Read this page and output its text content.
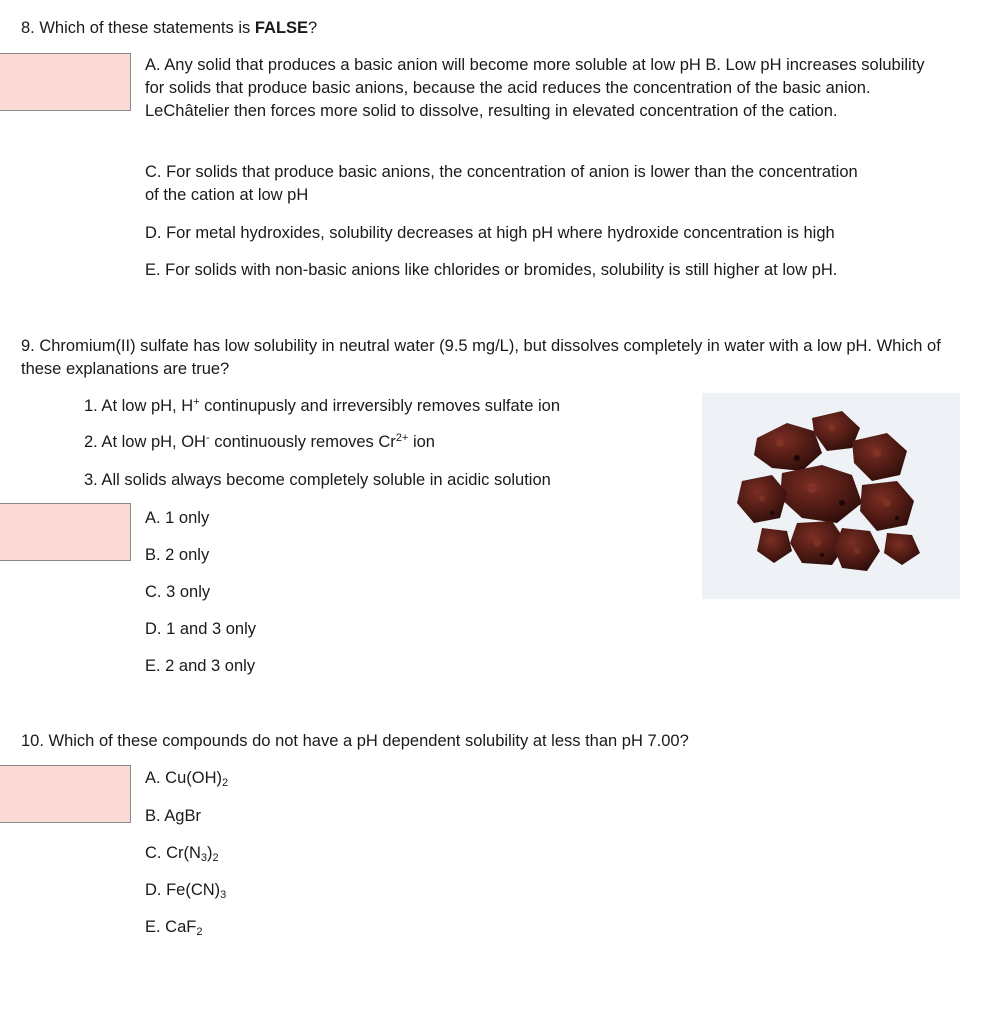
8. Which of these statements is FALSE?
A. Any solid that produces a basic anion will become more soluble at low pH B. Low pH increases solubility for solids that produce basic anions, because the acid reduces the concentration of the basic anion. LeChâtelier then forces more solid to dissolve, resulting in elevated concentration of the cation.
C. For solids that produce basic anions, the concentration of anion is lower than the concentration of the cation at low pH
D. For metal hydroxides, solubility decreases at high pH where hydroxide concentration is high
E. For solids with non-basic anions like chlorides or bromides, solubility is still higher at low pH.
9. Chromium(II) sulfate has low solubility in neutral water (9.5 mg/L), but dissolves completely in water with a low pH. Which of these explanations are true?
1. At low pH, H+ continupusly and irreversibly removes sulfate ion
2. At low pH, OH- continuously removes $Cr^{2+}$ ion
3. All solids always become completely soluble in acidic solution
A. 1 only
B. 2 only
C. 3 only
D. 1 and 3 only
E. 2 and 3 only
10. Which of these compounds do not have a pH dependent solubility at less than pH 7.00?
A. $Cu(OH)_2$
B. AgBr
C. $Cr(N_3)_2$
D. $Fe(CN)_3$
E. CaF$_2$
